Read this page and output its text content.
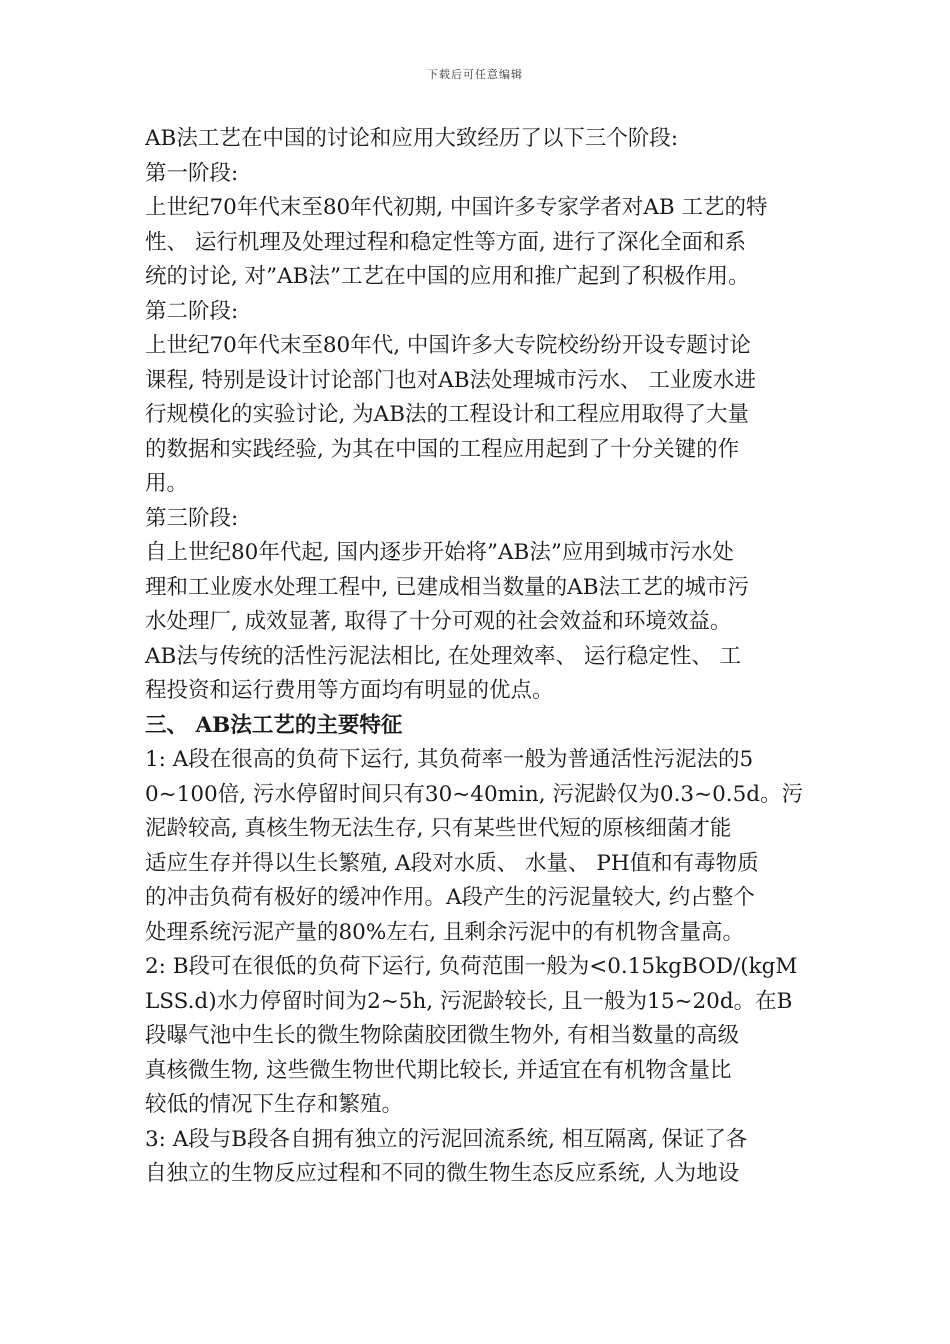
下载后可任意编辑
AB法工艺在中国的讨论和应用大致经历了以下三个阶段:
第一阶段:
上世纪70年代末至80年代初期, 中国许多专家学者对AB 工艺的特
性、 运行机理及处理过程和稳定性等方面, 进行了深化全面和系
统的讨论, 对”AB法”工艺在中国的应用和推广起到了积极作用。
第二阶段:
上世纪70年代末至80年代, 中国许多大专院校纷纷开设专题讨论
课程, 特别是设计讨论部门也对AB法处理城市污水、 工业废水进
行规模化的实验讨论, 为AB法的工程设计和工程应用取得了大量
的数据和实践经验, 为其在中国的工程应用起到了十分关键的作
用。
第三阶段:
自上世纪80年代起, 国内逐步开始将”AB法”应用到城市污水处
理和工业废水处理工程中, 已建成相当数量的AB法工艺的城市污
水处理厂, 成效显著, 取得了十分可观的社会效益和环境效益。
AB法与传统的活性污泥法相比, 在处理效率、 运行稳定性、 工
程投资和运行费用等方面均有明显的优点。
三、 AB法工艺的主要特征
1: A段在很高的负荷下运行, 其负荷率一般为普通活性污泥法的5
0~100倍, 污水停留时间只有30~40min, 污泥龄仅为0.3~0.5d。污
泥龄较高, 真核生物无法生存, 只有某些世代短的原核细菌才能
适应生存并得以生长繁殖, A段对水质、 水量、 PH值和有毒物质
的冲击负荷有极好的缓冲作用。A段产生的污泥量较大, 约占整个
处理系统污泥产量的80%左右, 且剩余污泥中的有机物含量高。
2: B段可在很低的负荷下运行, 负荷范围一般为<0.15kgBOD/(kgM
LSS.d)水力停留时间为2~5h, 污泥龄较长, 且一般为15~20d。在B
段曝气池中生长的微生物除菌胶团微生物外, 有相当数量的高级
真核微生物, 这些微生物世代期比较长, 并适宜在有机物含量比
较低的情况下生存和繁殖。
3: A段与B段各自拥有独立的污泥回流系统, 相互隔离, 保证了各
自独立的生物反应过程和不同的微生物生态反应系统, 人为地设
